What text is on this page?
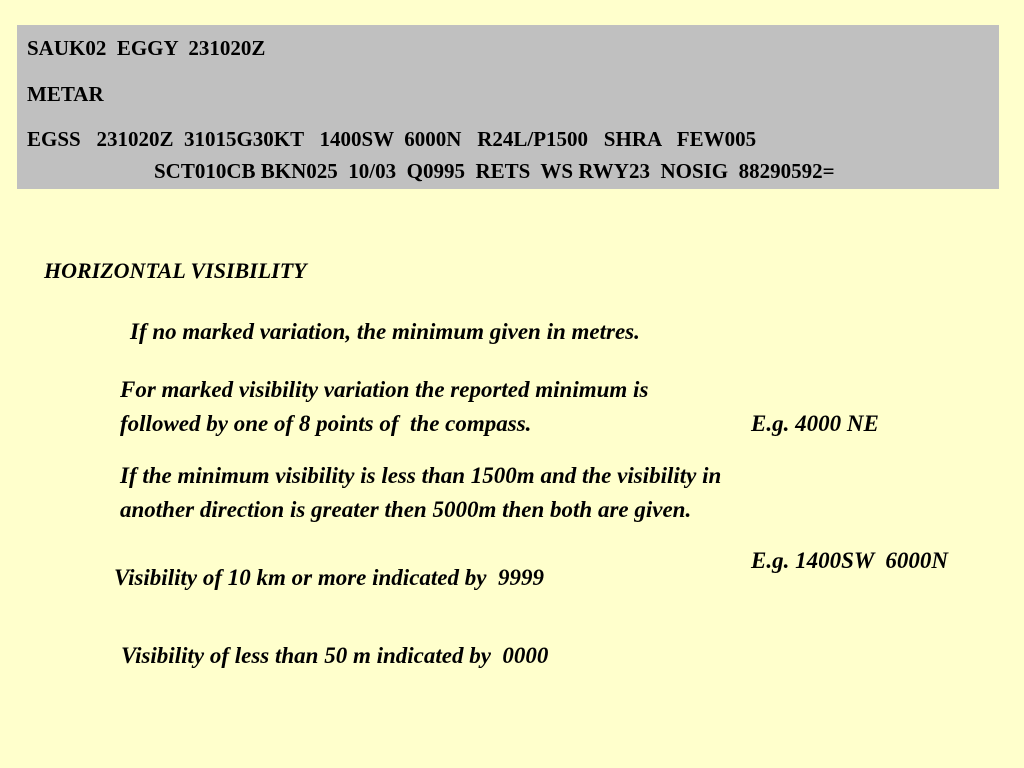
SAUK02  EGGY  231020Z
METAR
EGSS   231020Z  31015G30KT   1400SW  6000N   R24L/P1500   SHRA   FEW005
SCT010CB BKN025  10/03  Q0995  RETS  WS RWY23  NOSIG  88290592=
HORIZONTAL VISIBILITY
If no marked variation, the minimum given in metres.
For marked visibility variation the reported minimum is
followed by one of 8 points of  the compass.	E.g. 4000 NE
If the minimum visibility is less than 1500m and the visibility in
another direction is greater then 5000m then both are given.
E.g. 1400SW  6000N
Visibility of 10 km or more indicated by  9999
Visibility of less than 50 m indicated by  0000
